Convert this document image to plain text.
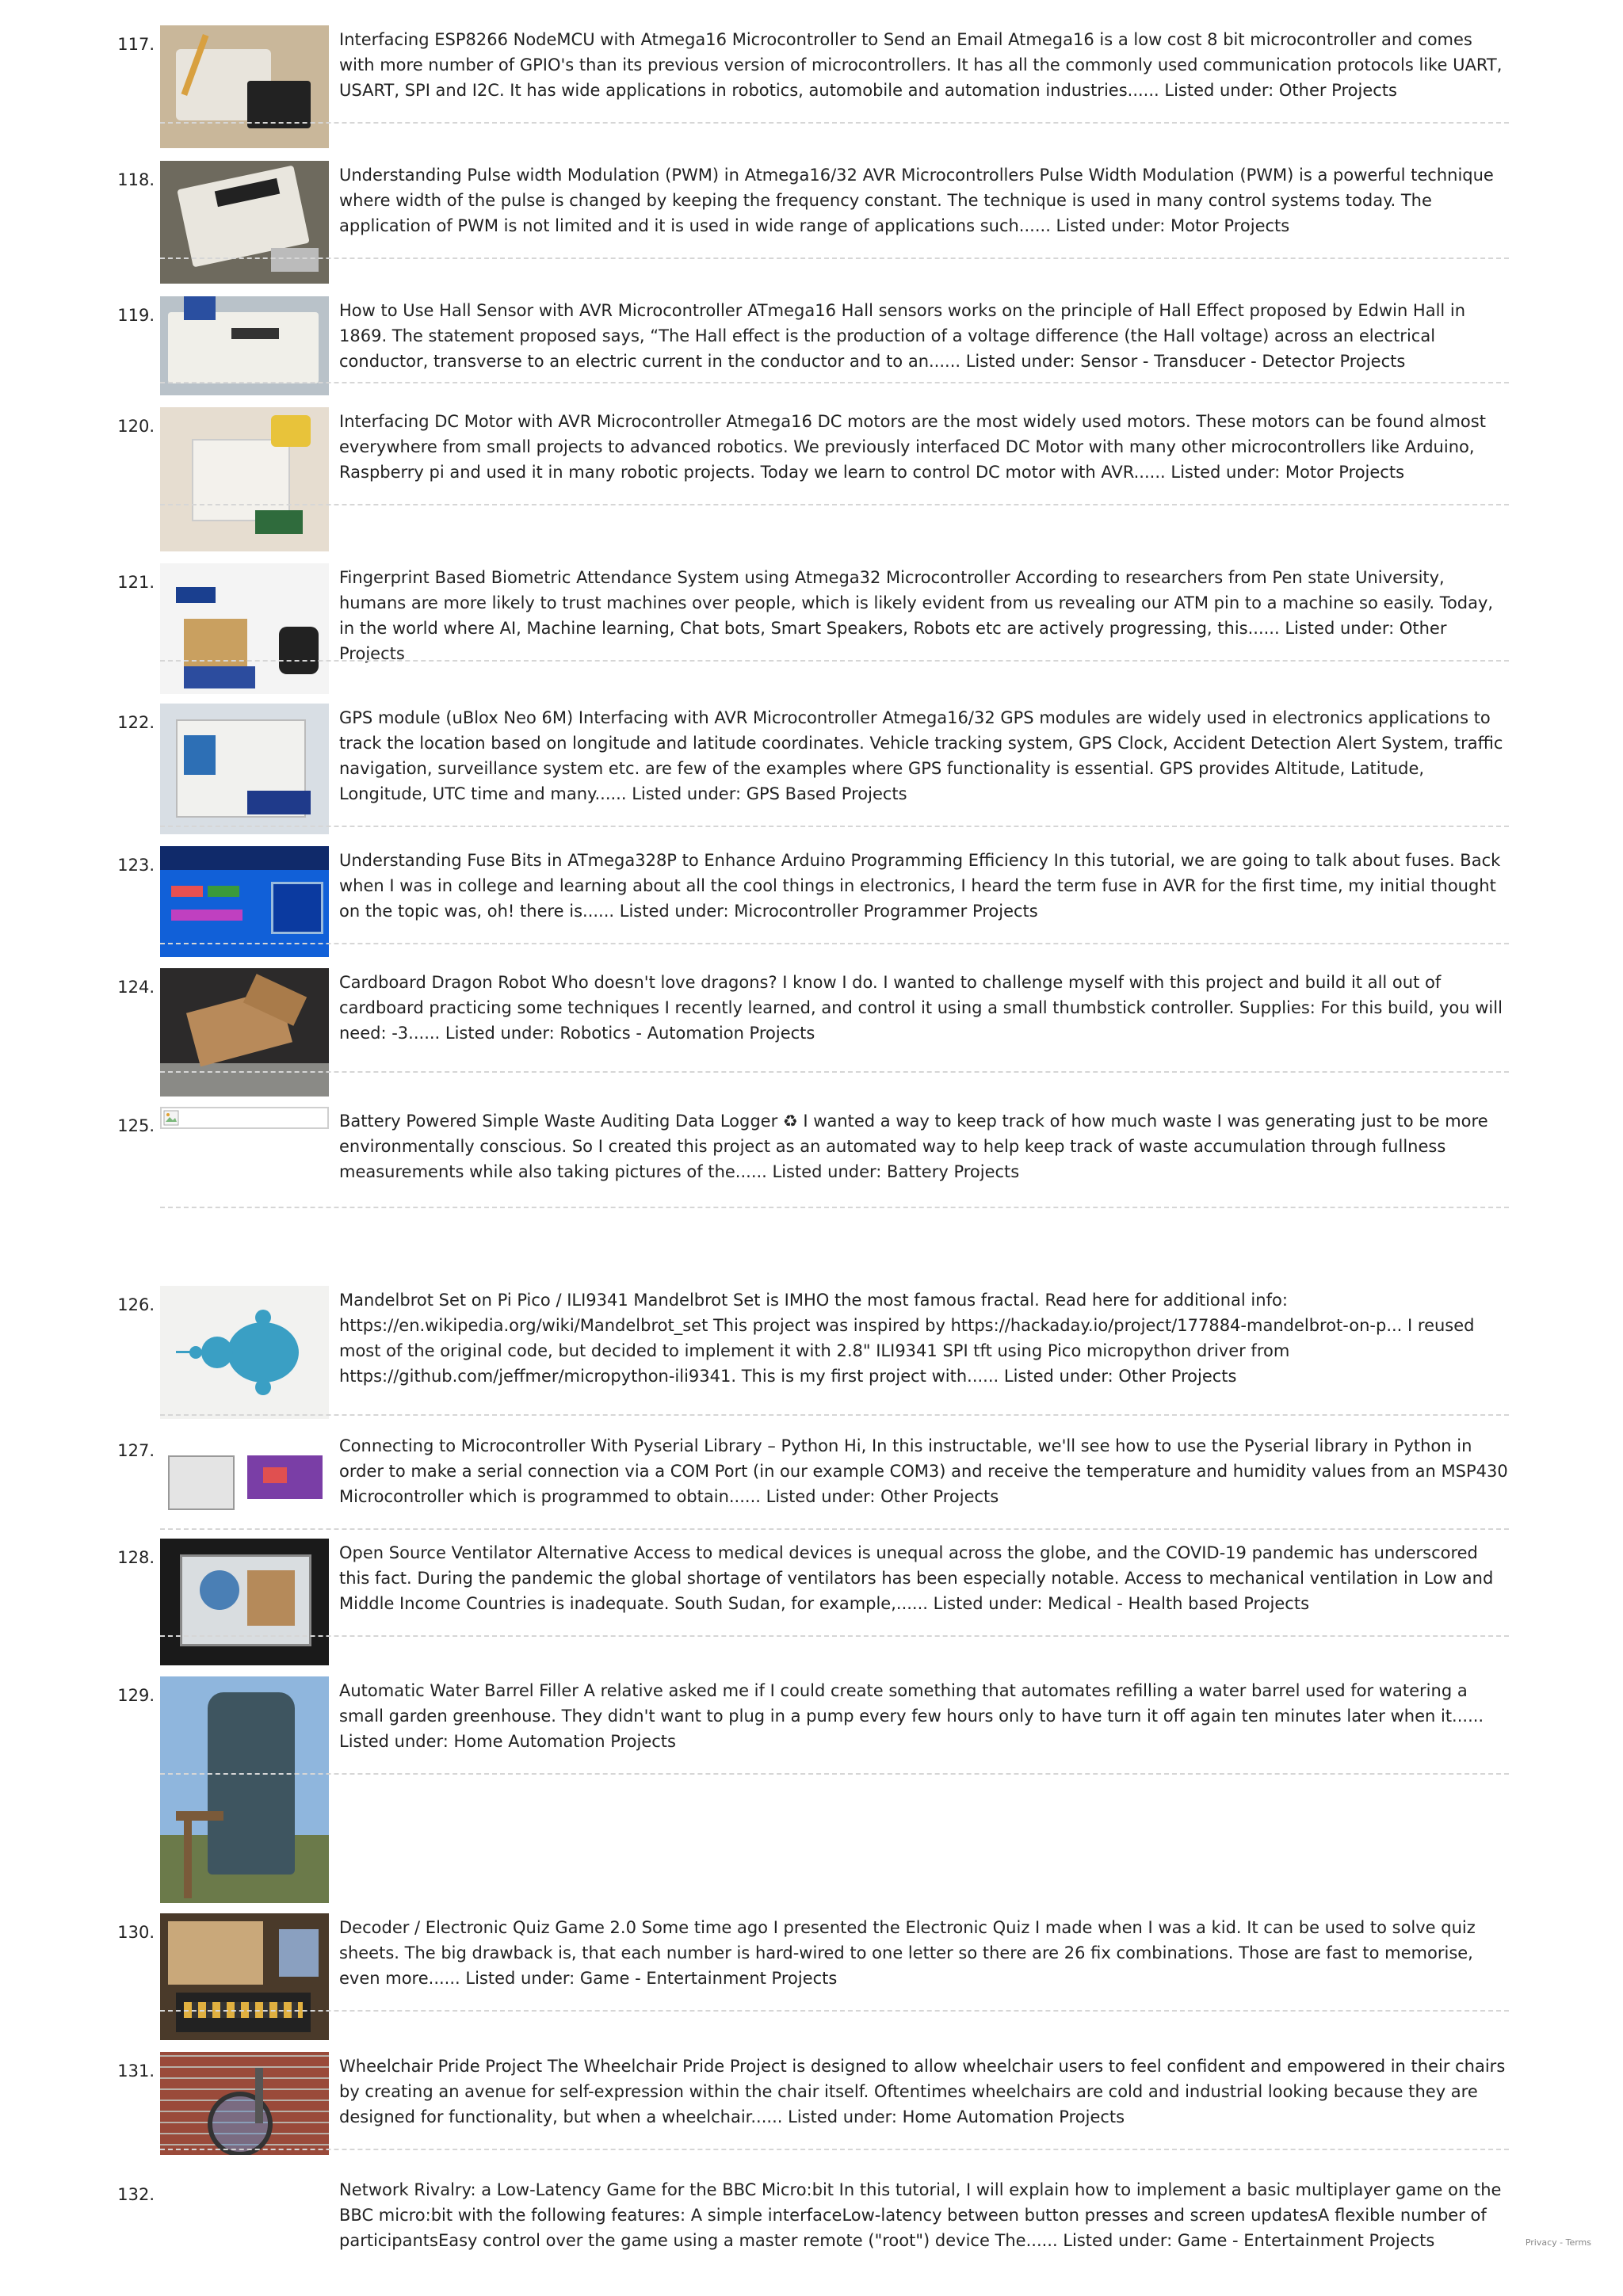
117.	Interfacing ESP8266 NodeMCU with Atmega16 Microcontroller to Send an Email Atmega16 is a low cost 8 bit microcontroller and comes with more number of GPIO's than its previous version of microcontrollers. It has all the commonly used communication protocols like UART, USART, SPI and I2C. It has wide applications in robotics, automobile and automation industries...... Listed under: Other Projects
118.	Understanding Pulse width Modulation (PWM) in Atmega16/32 AVR Microcontrollers Pulse Width Modulation (PWM) is a powerful technique where width of the pulse is changed by keeping the frequency constant. The technique is used in many control systems today. The application of PWM is not limited and it is used in wide range of applications such...... Listed under: Motor Projects
119.	How to Use Hall Sensor with AVR Microcontroller ATmega16 Hall sensors works on the principle of Hall Effect proposed by Edwin Hall in 1869. The statement proposed says, “The Hall effect is the production of a voltage difference (the Hall voltage) across an electrical conductor, transverse to an electric current in the conductor and to an...... Listed under: Sensor - Transducer - Detector Projects
120.	Interfacing DC Motor with AVR Microcontroller Atmega16 DC motors are the most widely used motors. These motors can be found almost everywhere from small projects to advanced robotics. We previously interfaced DC Motor with many other microcontrollers like Arduino, Raspberry pi and used it in many robotic projects. Today we learn to control DC motor with AVR...... Listed under: Motor Projects
121.	Fingerprint Based Biometric Attendance System using Atmega32 Microcontroller According to researchers from Pen state University, humans are more likely to trust machines over people, which is likely evident from us revealing our ATM pin to a machine so easily. Today, in the world where AI, Machine learning, Chat bots, Smart Speakers, Robots etc are actively progressing, this...... Listed under: Other Projects
122.	GPS module (uBlox Neo 6M) Interfacing with AVR Microcontroller Atmega16/32 GPS modules are widely used in electronics applications to track the location based on longitude and latitude coordinates. Vehicle tracking system, GPS Clock, Accident Detection Alert System, traffic navigation, surveillance system etc. are few of the examples where GPS functionality is essential. GPS provides Altitude, Latitude, Longitude, UTC time and many...... Listed under: GPS Based Projects
123.	Understanding Fuse Bits in ATmega328P to Enhance Arduino Programming Efficiency In this tutorial, we are going to talk about fuses. Back when I was in college and learning about all the cool things in electronics, I heard the term fuse in AVR for the first time, my initial thought on the topic was, oh! there is...... Listed under: Microcontroller Programmer Projects
124.	Cardboard Dragon Robot Who doesn't love dragons? I know I do. I wanted to challenge myself with this project and build it all out of cardboard practicing some techniques I recently learned, and control it using a small thumbstick controller. Supplies: For this build, you will need: -3...... Listed under: Robotics - Automation Projects
125.	Battery Powered Simple Waste Auditing Data Logger ♻ I wanted a way to keep track of how much waste I was generating just to be more environmentally conscious. So I created this project as an automated way to help keep track of waste accumulation through fullness measurements while also taking pictures of the...... Listed under: Battery Projects
126.	Mandelbrot Set on Pi Pico / ILI9341 Mandelbrot Set is IMHO the most famous fractal. Read here for additional info: https://en.wikipedia.org/wiki/Mandelbrot_set This project was inspired by https://hackaday.io/project/177884-mandelbrot-on-p... I reused most of the original code, but decided to implement it with 2.8" ILI9341 SPI tft using Pico micropython driver from https://github.com/jeffmer/micropython-ili9341. This is my first project with...... Listed under: Other Projects
127.	Connecting to Microcontroller With Pyserial Library – Python Hi, In this instructable, we'll see how to use the Pyserial library in Python in order to make a serial connection via a COM Port (in our example COM3) and receive the temperature and humidity values from an MSP430 Microcontroller which is programmed to obtain...... Listed under: Other Projects
128.	Open Source Ventilator Alternative Access to medical devices is unequal across the globe, and the COVID-19 pandemic has underscored this fact. During the pandemic the global shortage of ventilators has been especially notable. Access to mechanical ventilation in Low and Middle Income Countries is inadequate. South Sudan, for example,...... Listed under: Medical - Health based Projects
129.	Automatic Water Barrel Filler A relative asked me if I could create something that automates refilling a water barrel used for watering a small garden greenhouse. They didn't want to plug in a pump every few hours only to have turn it off again ten minutes later when it...... Listed under: Home Automation Projects
130.	Decoder / Electronic Quiz Game 2.0 Some time ago I presented the Electronic Quiz I made when I was a kid. It can be used to solve quiz sheets. The big drawback is, that each number is hard-wired to one letter so there are 26 fix combinations. Those are fast to memorise, even more...... Listed under: Game - Entertainment Projects
131.	Wheelchair Pride Project The Wheelchair Pride Project is designed to allow wheelchair users to feel confident and empowered in their chairs by creating an avenue for self-expression within the chair itself. Oftentimes wheelchairs are cold and industrial looking because they are designed for functionality, but when a wheelchair...... Listed under: Home Automation Projects
132.	Network Rivalry: a Low-Latency Game for the BBC Micro:bit In this tutorial, I will explain how to implement a basic multiplayer game on the BBC micro:bit with the following features: A simple interfaceLow-latency between button presses and screen updatesA flexible number of participantsEasy control over the game using a master remote ("root") device The...... Listed under: Game - Entertainment Projects	Privacy - Terms
